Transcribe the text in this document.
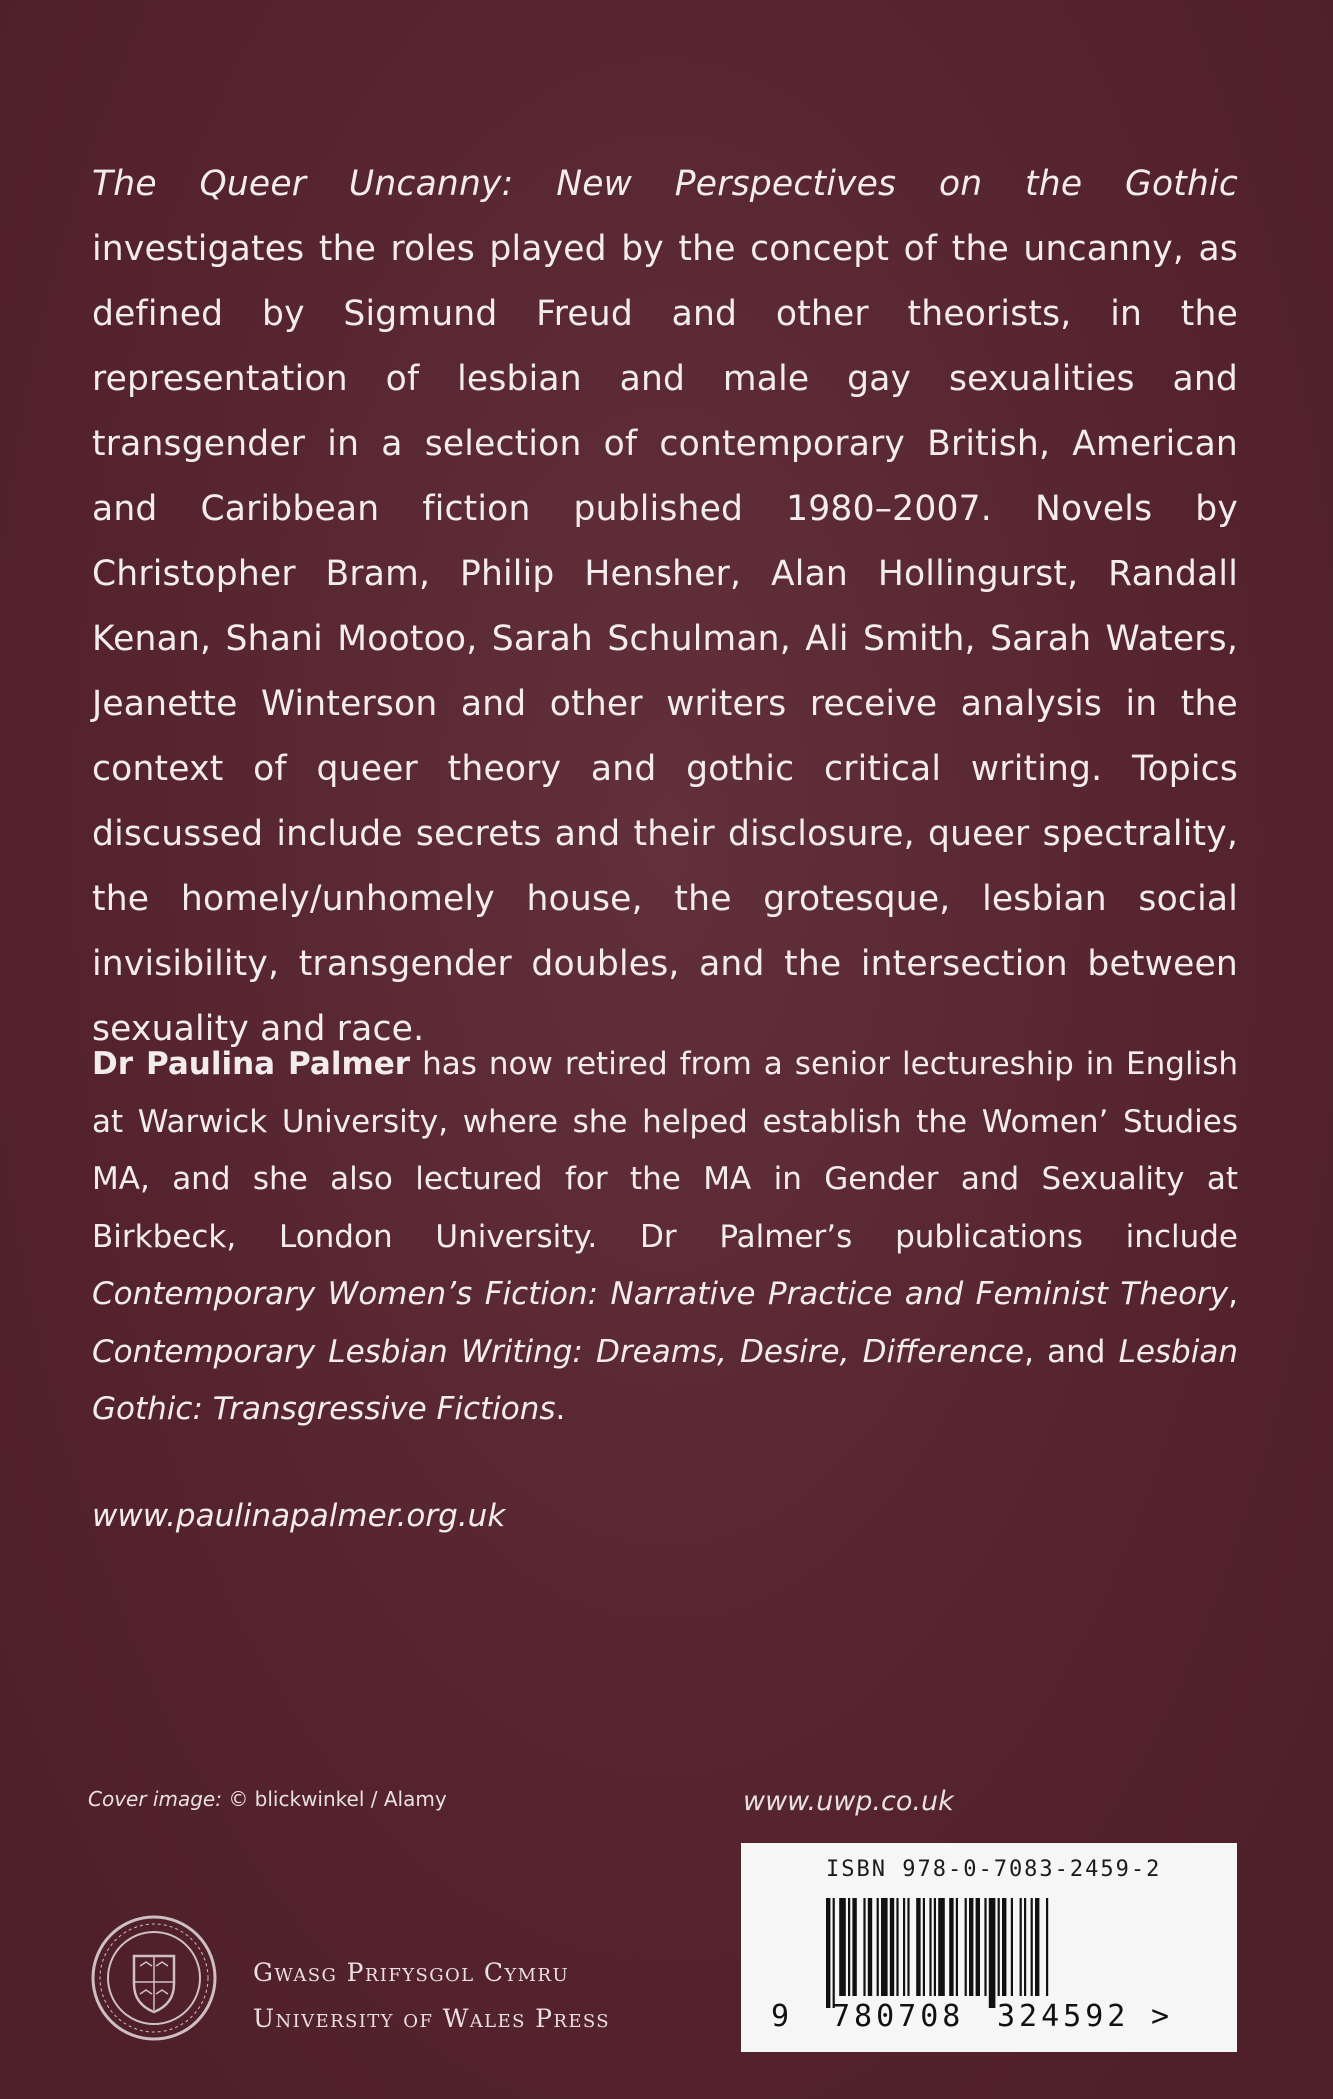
The Queer Uncanny: New Perspectives on the Gothic investigates the roles played by the concept of the uncanny, as defined by Sigmund Freud and other theorists, in the representation of lesbian and male gay sexualities and transgender in a selection of contemporary British, American and Caribbean fiction published 1980–2007. Novels by Christopher Bram, Philip Hensher, Alan Hollingurst, Randall Kenan, Shani Mootoo, Sarah Schulman, Ali Smith, Sarah Waters, Jeanette Winterson and other writers receive analysis in the context of queer theory and gothic critical writing. Topics discussed include secrets and their disclosure, queer spectrality, the homely/unhomely house, the grotesque, lesbian social invisibility, transgender doubles, and the intersection between sexuality and race.

Dr Paulina Palmer has now retired from a senior lectureship in English at Warwick University, where she helped establish the Women’ Studies MA, and she also lectured for the MA in Gender and Sexuality at Birkbeck, London University. Dr Palmer’s publications include Contemporary Women’s Fiction: Narrative Practice and Feminist Theory, Contemporary Lesbian Writing: Dreams, Desire, Difference, and Lesbian Gothic: Transgressive Fictions.

www.paulinapalmer.org.uk

Cover image: © blickwinkel / Alamy	www.uwp.co.uk

Gwasg Prifysgol Cymru
University of Wales Press

ISBN 978-0-7083-2459-2
9 780708 324592 >
